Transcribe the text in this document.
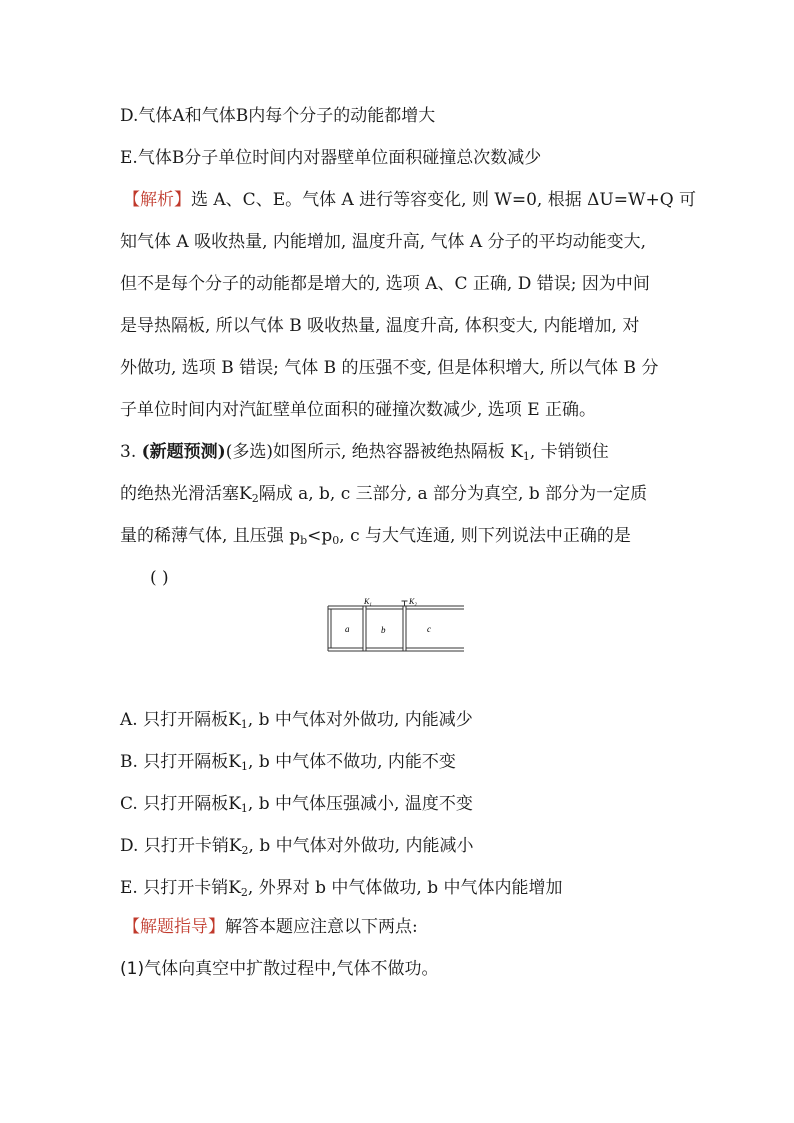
D.气体A和气体B内每个分子的动能都增大
E.气体B分子单位时间内对器壁单位面积碰撞总次数减少
【解析】选 A、C、E。气体 A 进行等容变化, 则 W=0, 根据 ΔU=W+Q 可
知气体 A 吸收热量, 内能增加, 温度升高, 气体 A 分子的平均动能变大,
但不是每个分子的动能都是增大的, 选项 A、C 正确, D 错误; 因为中间
是导热隔板, 所以气体 B 吸收热量, 温度升高, 体积变大, 内能增加, 对
外做功, 选项 B 错误; 气体 B 的压强不变, 但是体积增大, 所以气体 B 分
子单位时间内对汽缸壁单位面积的碰撞次数减少, 选项 E 正确。
3. (新题预测)(多选)如图所示, 绝热容器被绝热隔板 $K_1$, 卡销锁住
的绝热光滑活塞$K_2$隔成 a, b, c 三部分, a 部分为真空, b 部分为一定质
量的稀薄气体, 且压强 $p_b<p_0$, c 与大气连通, 则下列说法中正确的是
( )
$K_1$	$K_2$
a	b	c
A. 只打开隔板$K_1$, b 中气体对外做功, 内能减少
B. 只打开隔板$K_1$, b 中气体不做功, 内能不变
C. 只打开隔板$K_1$, b 中气体压强减小, 温度不变
D. 只打开卡销$K_2$, b 中气体对外做功, 内能减小
E. 只打开卡销$K_2$, 外界对 b 中气体做功, b 中气体内能增加
【解题指导】解答本题应注意以下两点:
(1)气体向真空中扩散过程中,气体不做功。
